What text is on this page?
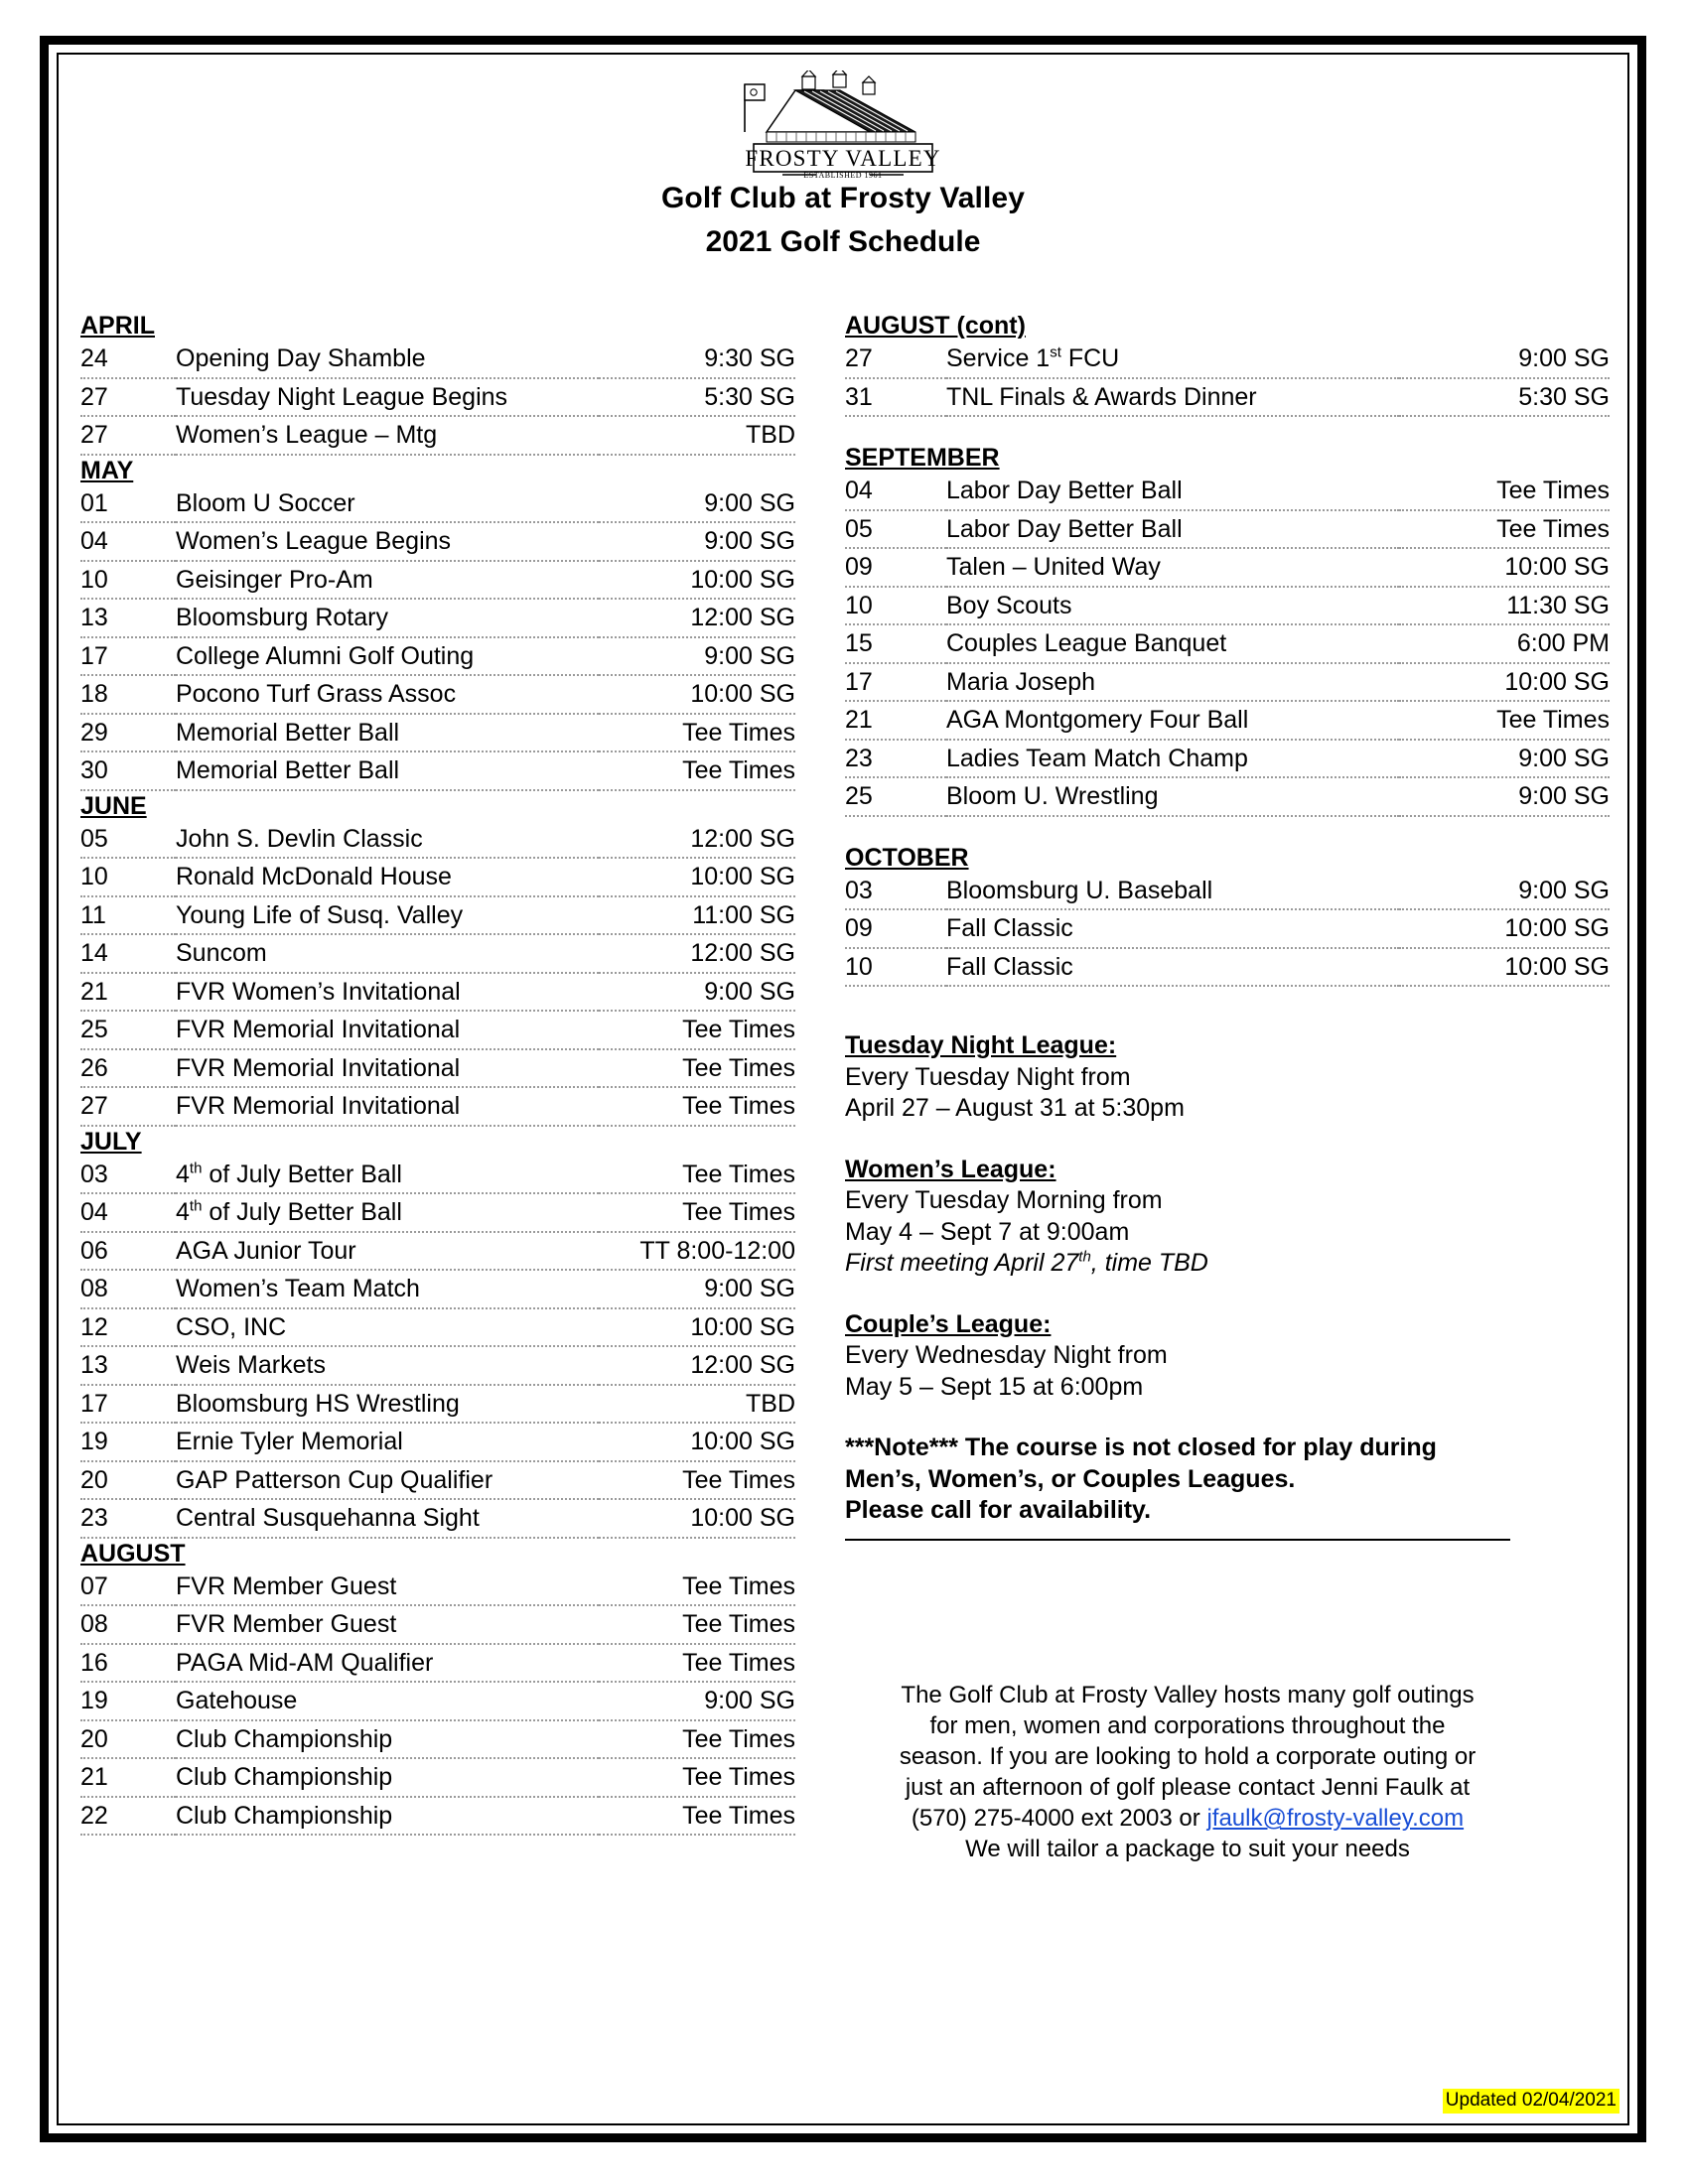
FROSTY VALLEY
ESTABLISHED 1961
Golf Club at Frosty Valley
2021 Golf Schedule
APRIL
24	Opening Day Shamble	9:30 SG
27	Tuesday Night League Begins	5:30 SG
27	Women’s League – Mtg	TBD
MAY
01	Bloom U Soccer	9:00 SG
04	Women’s League Begins	9:00 SG
10	Geisinger Pro-Am	10:00 SG
13	Bloomsburg Rotary	12:00 SG
17	College Alumni Golf Outing	9:00 SG
18	Pocono Turf Grass Assoc	10:00 SG
29	Memorial Better Ball	Tee Times
30	Memorial Better Ball	Tee Times
JUNE
05	John S. Devlin Classic	12:00 SG
10	Ronald McDonald House	10:00 SG
11	Young Life of Susq. Valley	11:00 SG
14	Suncom	12:00 SG
21	FVR Women’s Invitational	9:00 SG
25	FVR Memorial Invitational	Tee Times
26	FVR Memorial Invitational	Tee Times
27	FVR Memorial Invitational	Tee Times
JULY
03	4th of July Better Ball	Tee Times
04	4th of July Better Ball	Tee Times
06	AGA Junior Tour	TT 8:00-12:00
08	Women’s Team Match	9:00 SG
12	CSO, INC	10:00 SG
13	Weis Markets	12:00 SG
17	Bloomsburg HS Wrestling	TBD
19	Ernie Tyler Memorial	10:00 SG
20	GAP Patterson Cup Qualifier	Tee Times
23	Central Susquehanna Sight	10:00 SG
AUGUST
07	FVR Member Guest	Tee Times
08	FVR Member Guest	Tee Times
16	PAGA Mid-AM Qualifier	Tee Times
19	Gatehouse	9:00 SG
20	Club Championship	Tee Times
21	Club Championship	Tee Times
22	Club Championship	Tee Times
AUGUST (cont)
27	Service 1st FCU	9:00 SG
31	TNL Finals & Awards Dinner	5:30 SG
SEPTEMBER
04	Labor Day Better Ball	Tee Times
05	Labor Day Better Ball	Tee Times
09	Talen – United Way	10:00 SG
10	Boy Scouts	11:30 SG
15	Couples League Banquet	6:00 PM
17	Maria Joseph	10:00 SG
21	AGA Montgomery Four Ball	Tee Times
23	Ladies Team Match Champ	9:00 SG
25	Bloom U. Wrestling	9:00 SG
OCTOBER
03	Bloomsburg U. Baseball	9:00 SG
09	Fall Classic	10:00 SG
10	Fall Classic	10:00 SG
Tuesday Night League:
Every Tuesday Night from
April 27 – August 31 at 5:30pm
Women’s League:
Every Tuesday Morning from
May 4 – Sept 7 at 9:00am
First meeting April 27th, time TBD
Couple’s League:
Every Wednesday Night from
May 5 – Sept 15 at 6:00pm
***Note*** The course is not closed for play during
Men’s, Women’s, or Couples Leagues.
Please call for availability.
The Golf Club at Frosty Valley hosts many golf outings
for men, women and corporations throughout the
season. If you are looking to hold a corporate outing or
just an afternoon of golf please contact Jenni Faulk at
(570) 275-4000 ext 2003 or jfaulk@frosty-valley.com
We will tailor a package to suit your needs
Updated 02/04/2021
